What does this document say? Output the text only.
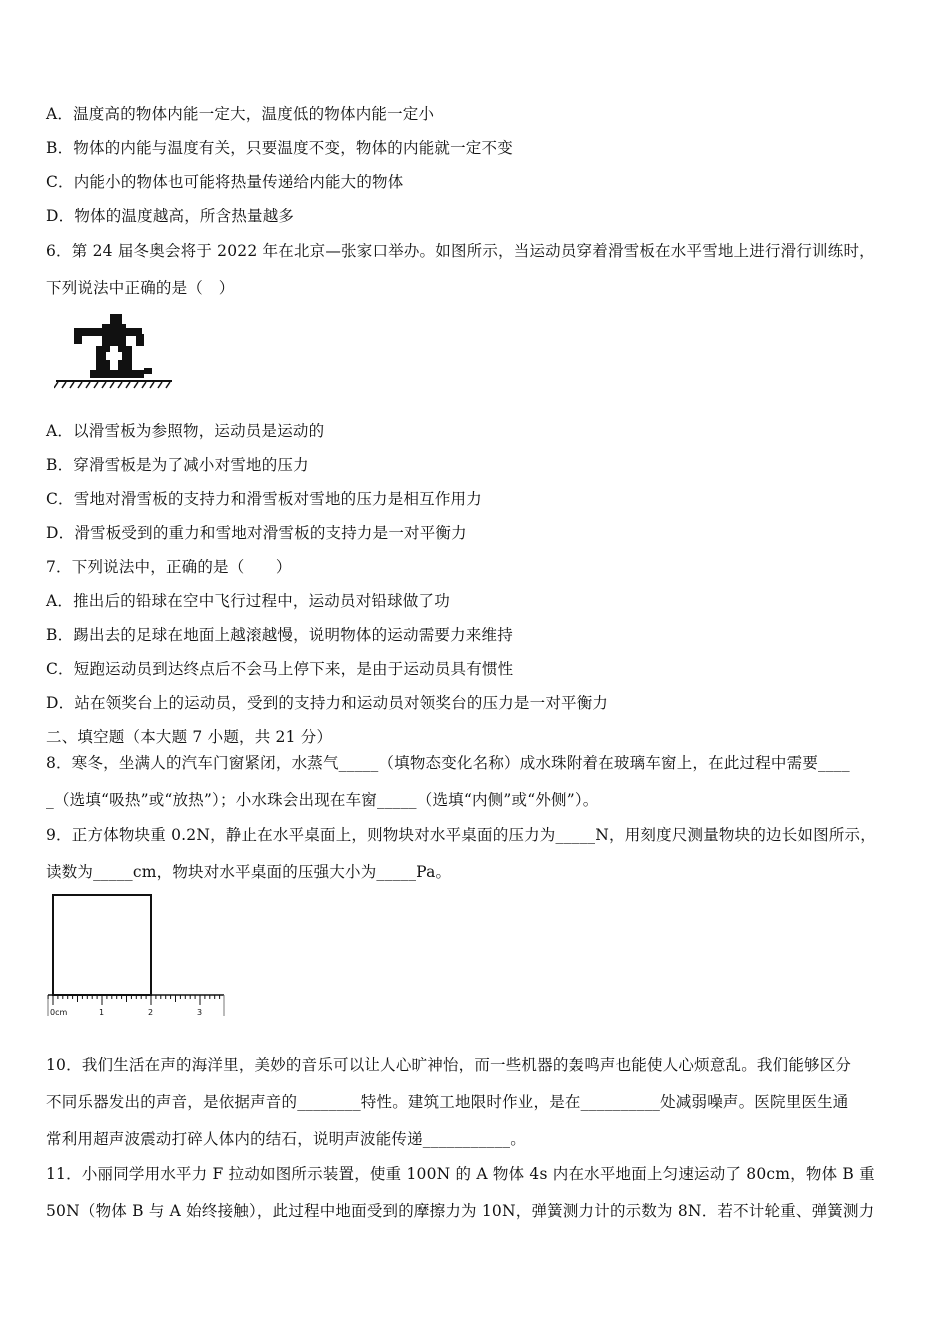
A．温度高的物体内能一定大，温度低的物体内能一定小
B．物体的内能与温度有关，只要温度不变，物体的内能就一定不变
C．内能小的物体也可能将热量传递给内能大的物体
D．物体的温度越高，所含热量越多
6．第 24 届冬奥会将于 2022 年在北京—张家口举办。如图所示，当运动员穿着滑雪板在水平雪地上进行滑行训练时，
下列说法中正确的是（　）
A．以滑雪板为参照物，运动员是运动的
B．穿滑雪板是为了减小对雪地的压力
C．雪地对滑雪板的支持力和滑雪板对雪地的压力是相互作用力
D．滑雪板受到的重力和雪地对滑雪板的支持力是一对平衡力
7．下列说法中，正确的是（　　）
A．推出后的铅球在空中飞行过程中，运动员对铅球做了功
B．踢出去的足球在地面上越滚越慢，说明物体的运动需要力来维持
C．短跑运动员到达终点后不会马上停下来，是由于运动员具有惯性
D．站在领奖台上的运动员，受到的支持力和运动员对领奖台的压力是一对平衡力
二、填空题（本大题 7 小题，共 21 分）
8．寒冬，坐满人的汽车门窗紧闭，水蒸气_____（填物态变化名称）成水珠附着在玻璃车窗上，在此过程中需要____
_（选填“吸热”或“放热”）；小水珠会出现在车窗_____（选填“内侧”或“外侧”）。
9．正方体物块重 0.2N，静止在水平桌面上，则物块对水平桌面的压力为_____N，用刻度尺测量物块的边长如图所示，
读数为_____cm，物块对水平桌面的压强大小为_____Pa。
0cm	1	2	3
10．我们生活在声的海洋里，美妙的音乐可以让人心旷神怡，而一些机器的轰鸣声也能使人心烦意乱。我们能够区分
不同乐器发出的声音，是依据声音的________特性。建筑工地限时作业，是在__________处减弱噪声。医院里医生通
常利用超声波震动打碎人体内的结石，说明声波能传递___________。
11．小丽同学用水平力 F 拉动如图所示装置，使重 100N 的 A 物体 4s 内在水平地面上匀速运动了 80cm，物体 B 重
50N（物体 B 与 A 始终接触），此过程中地面受到的摩擦力为 10N，弹簧测力计的示数为 8N．若不计轮重、弹簧测力
